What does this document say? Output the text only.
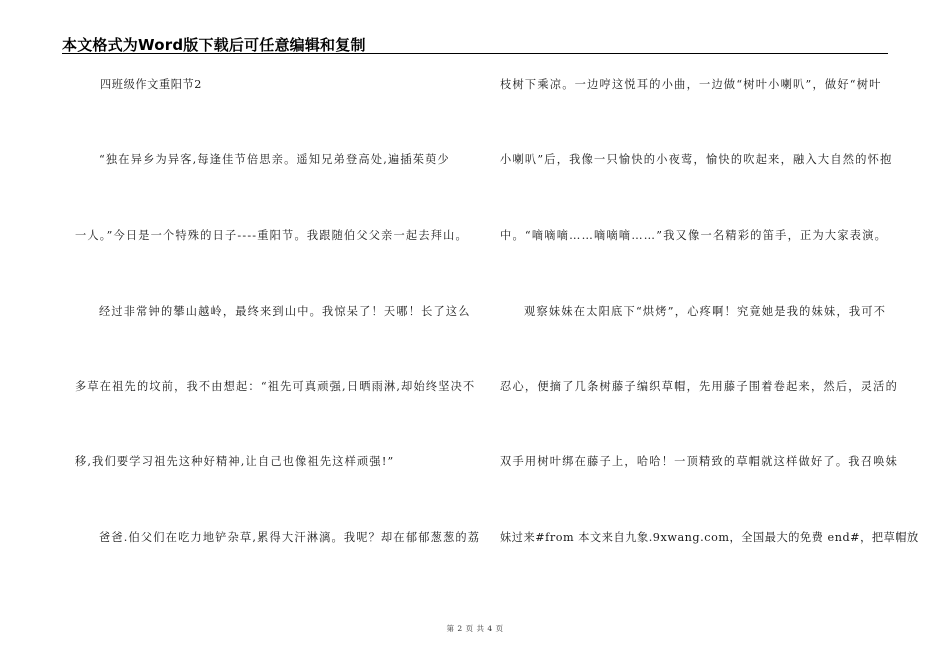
本文格式为Word版下载后可任意编辑和复制
四班级作文重阳节2
“独在异乡为异客,每逢佳节倍思亲。遥知兄弟登高处,遍插茱萸少
一人。”今日是一个特殊的日子----重阳节。我跟随伯父父亲一起去拜山。
经过非常钟的攀山越岭，最终来到山中。我惊呆了！天哪！长了这么
多草在祖先的坟前，我不由想起：“祖先可真顽强,日晒雨淋,却始终坚决不
移,我们要学习祖先这种好精神,让自己也像祖先这样顽强!”
爸爸.伯父们在吃力地铲杂草,累得大汗淋漓。我呢？却在郁郁葱葱的荔
枝树下乘凉。一边哼这悦耳的小曲，一边做“树叶小喇叭”，做好“树叶
小喇叭”后，我像一只愉快的小夜莺，愉快的吹起来，融入大自然的怀抱
中。“嘀嘀嘀……嘀嘀嘀……”我又像一名精彩的笛手，正为大家表演。
观察妹妹在太阳底下“烘烤”，心疼啊！究竟她是我的妹妹，我可不
忍心，便摘了几条树藤子编织草帽，先用藤子围着卷起来，然后，灵活的
双手用树叶绑在藤子上，哈哈！一顶精致的草帽就这样做好了。我召唤妹
妹过来#from 本文来自九象.9xwang.com，全国最大的免费 end#，把草帽放
第 2 页 共 4 页
